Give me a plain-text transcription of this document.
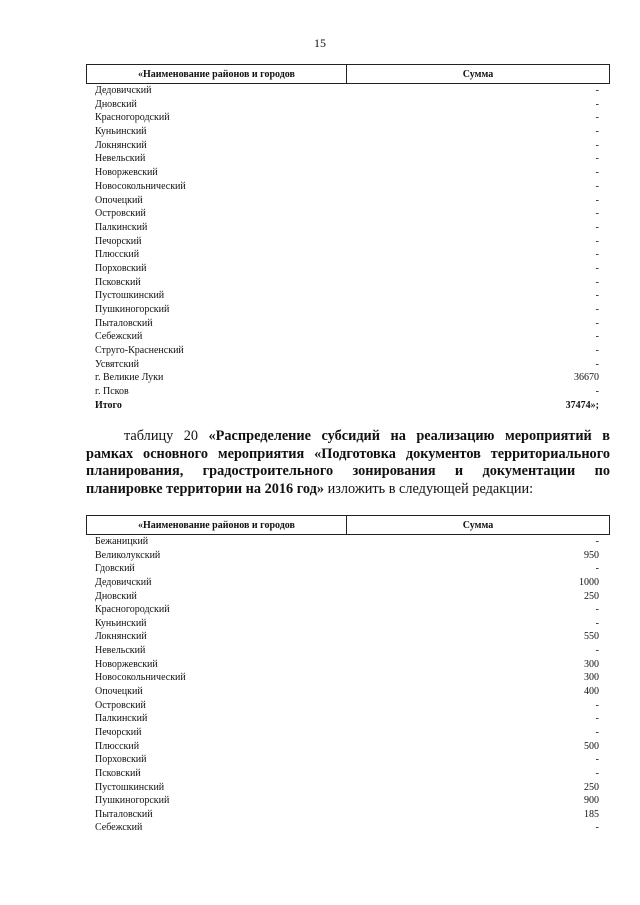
15
«Наименование районов и городов	Сумма
Дедовичский	-
Дновский	-
Красногородский	-
Куньинский	-
Локнянский	-
Невельский	-
Новоржевский	-
Новосокольнический	-
Опочецкий	-
Островский	-
Палкинский	-
Печорский	-
Плюсский	-
Порховский	-
Псковский	-
Пустошкинский	-
Пушкиногорский	-
Пыталовский	-
Себежский	-
Струго-Красненский	-
Усвятский	-
г. Великие Луки	36670
г. Псков	-
Итого	37474»;
таблицу 20 «Распределение субсидий на реализацию мероприятий в рамках основного мероприятия «Подготовка документов территориального планирования, градостроительного зонирования и документации по планировке территории на 2016 год» изложить в следующей редакции:
«Наименование районов и городов	Сумма
Бежаницкий	-
Великолукский	950
Гдовский	-
Дедовичский	1000
Дновский	250
Красногородский	-
Куньинский	-
Локнянский	550
Невельский	-
Новоржевский	300
Новосокольнический	300
Опочецкий	400
Островский	-
Палкинский	-
Печорский	-
Плюсский	500
Порховский	-
Псковский	-
Пустошкинский	250
Пушкиногорский	900
Пыталовский	185
Себежский	-
